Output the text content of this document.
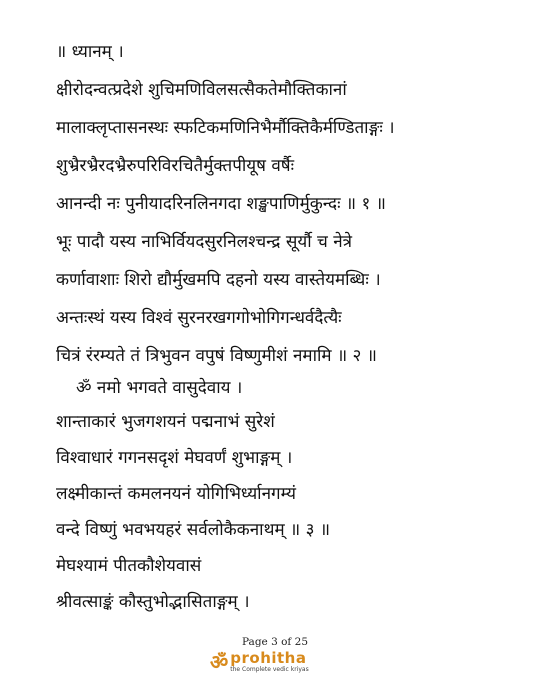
॥ ध्यानम् ।
क्षीरोदन्वत्प्रदेशे शुचिमणिविलसत्सैकतेमौक्तिकानां
मालाक्लृप्तासनस्थः स्फटिकमणिनिभैर्मौक्तिकैर्मण्डिताङ्गः ।
शुभ्रैरभ्रैरदभ्रैरुपरिविरचितैर्मुक्तपीयूष वर्षैः
आनन्दी नः पुनीयादरिनलिनगदा शङ्खपाणिर्मुकुन्दः ॥ १ ॥
भूः पादौ यस्य नाभिर्वियदसुरनिलश्चन्द्र सूर्यौ च नेत्रे
कर्णावाशाः शिरो द्यौर्मुखमपि दहनो यस्य वास्तेयमब्धिः ।
अन्तःस्थं यस्य विश्वं सुरनरखगगोभोगिगन्धर्वदैत्यैः
चित्रं रंरम्यते तं त्रिभुवन वपुषं विष्णुमीशं नमामि ॥ २ ॥
ॐ नमो भगवते वासुदेवाय ।
शान्ताकारं भुजगशयनं पद्मनाभं सुरेशं
विश्वाधारं गगनसदृशं मेघवर्णं शुभाङ्गम् ।
लक्ष्मीकान्तं कमलनयनं योगिभिर्ध्यानगम्यं
वन्दे विष्णुं भवभयहरं सर्वलोकैकनाथम् ॥ ३ ॥
मेघश्यामं पीतकौशेयवासं
श्रीवत्साङ्कं कौस्तुभोद्भासिताङ्गम् ।
Page 3 of 25
ॐ prohitha
the Complete vedic kriyas
